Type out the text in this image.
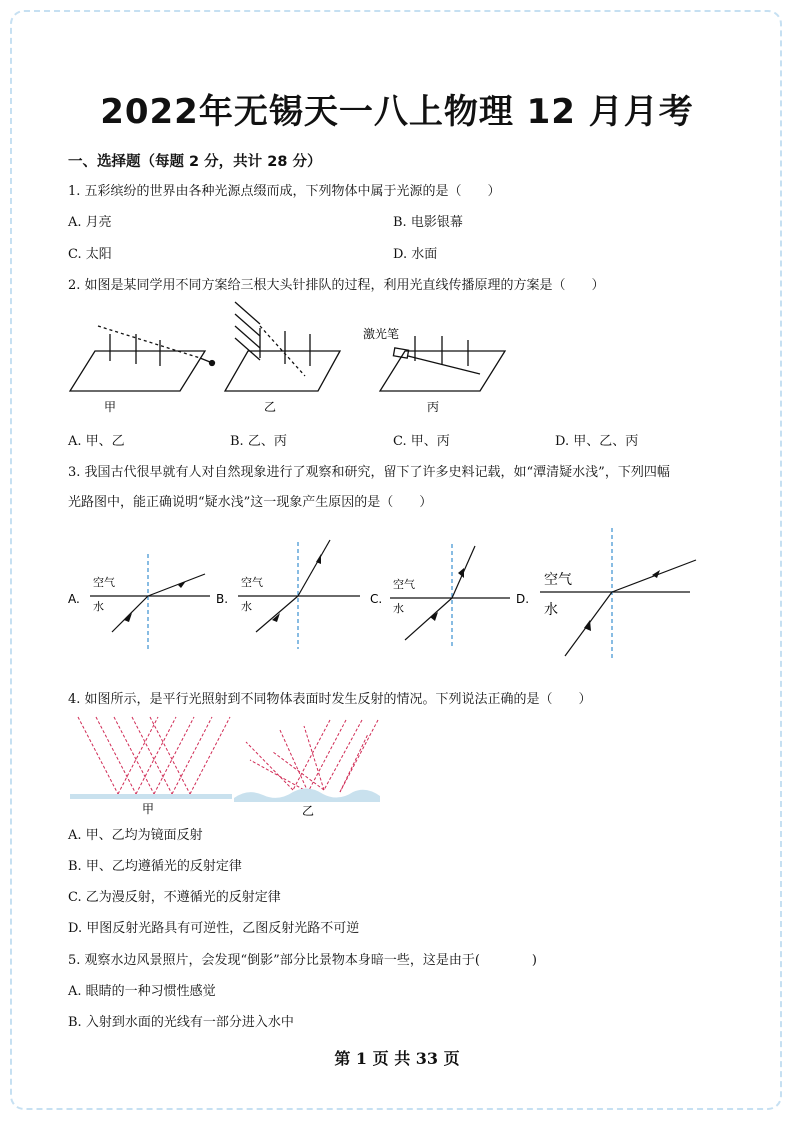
2022年无锡天一八上物理 12 月月考
一、选择题（每题 2 分，共计 28 分）
1. 五彩缤纷的世界由各种光源点缀而成，下列物体中属于光源的是（　　）
A. 月亮	B. 电影银幕
C. 太阳	D. 水面
2. 如图是某同学用不同方案给三根大头针排队的过程，利用光直线传播原理的方案是（　　）
甲	乙
激光笔
丙
A. 甲、乙	B. 乙、丙	C. 甲、丙	D. 甲、乙、丙
3. 我国古代很早就有人对自然现象进行了观察和研究，留下了许多史料记载，如“潭清疑水浅”，下列四幅
光路图中，能正确说明“疑水浅”这一现象产生原因的是（　　）
A.
空气
水
B.
空气
水
C.
空气
水
D.
空气
水
4. 如图所示，是平行光照射到不同物体表面时发生反射的情况。下列说法正确的是（　　）
甲	乙
A. 甲、乙均为镜面反射
B. 甲、乙均遵循光的反射定律
C. 乙为漫反射，不遵循光的反射定律
D. 甲图反射光路具有可逆性，乙图反射光路不可逆
5. 观察水边风景照片，会发现“倒影”部分比景物本身暗一些，这是由于(　　　　)
A. 眼睛的一种习惯性感觉
B. 入射到水面的光线有一部分进入水中
第 1 页 共 33 页
